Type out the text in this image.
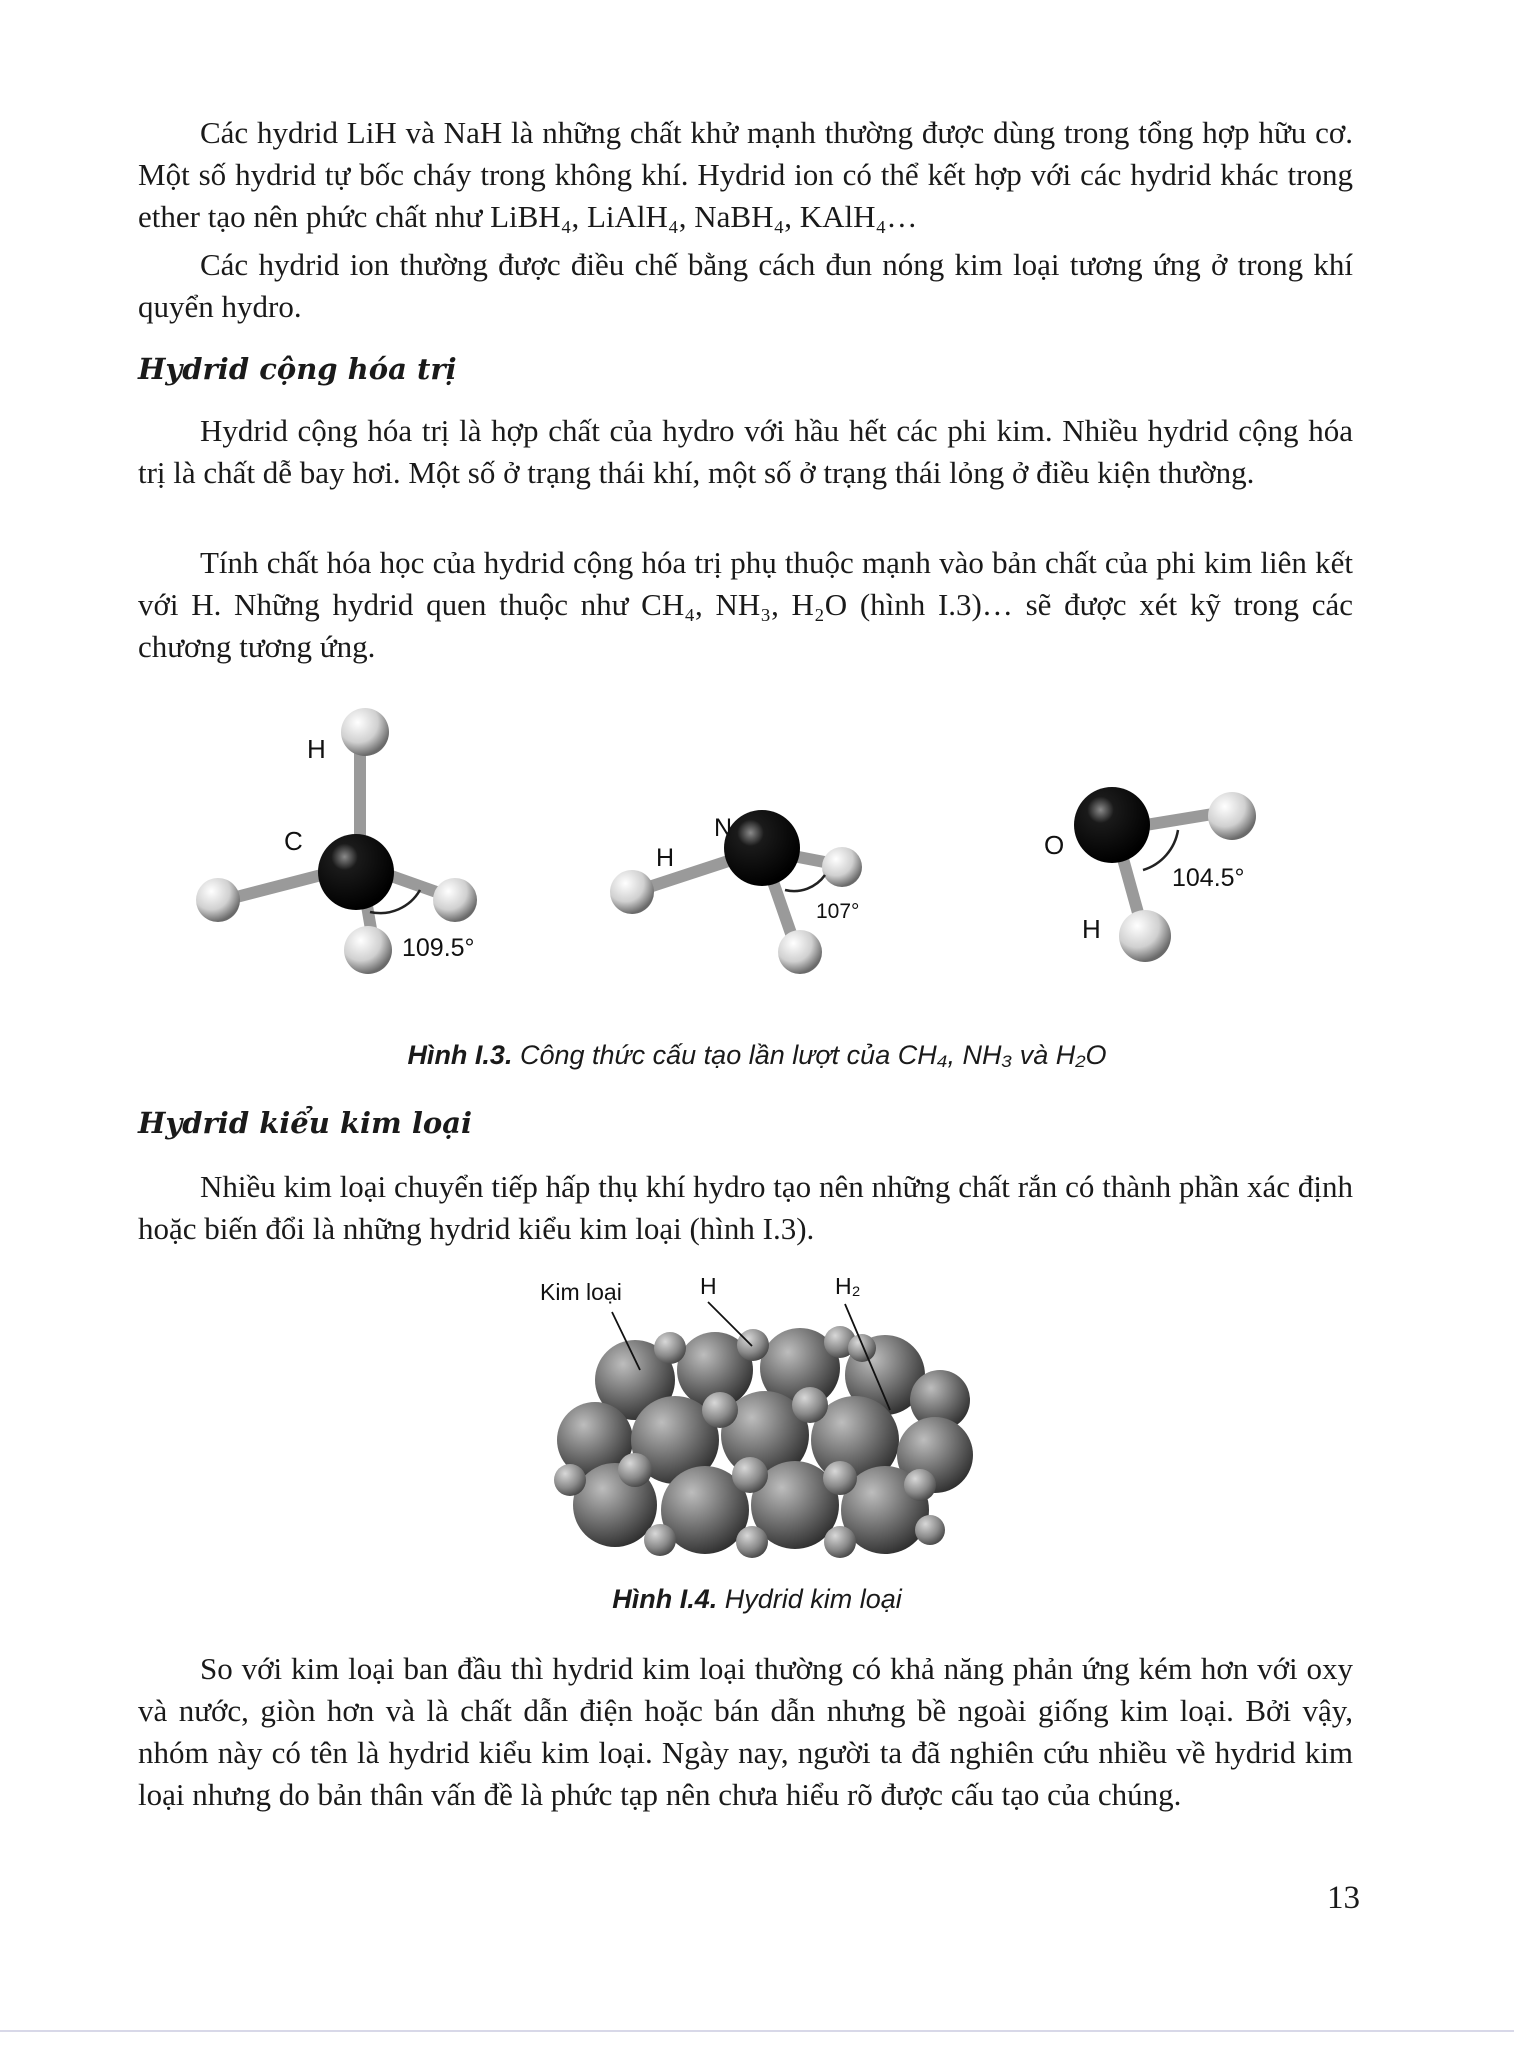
Các hydrid LiH và NaH là những chất khử mạnh thường được dùng trong tổng hợp hữu cơ. Một số hydrid tự bốc cháy trong không khí. Hydrid ion có thể kết hợp với các hydrid khác trong ether tạo nên phức chất như LiBH₄, LiAlH₄, NaBH₄, KAlH₄…

Các hydrid ion thường được điều chế bằng cách đun nóng kim loại tương ứng ở trong khí quyển hydro.

Hydrid cộng hóa trị

Hydrid cộng hóa trị là hợp chất của hydro với hầu hết các phi kim. Nhiều hydrid cộng hóa trị là chất dễ bay hơi. Một số ở trạng thái khí, một số ở trạng thái lỏng ở điều kiện thường.

Tính chất hóa học của hydrid cộng hóa trị phụ thuộc mạnh vào bản chất của phi kim liên kết với H. Những hydrid quen thuộc như CH₄, NH₃, H₂O (hình I.3)… sẽ được xét kỹ trong các chương tương ứng.

H
C
109.5°
H
N
107°
O
H
104.5°

Hình I.3. Công thức cấu tạo lần lượt của CH₄, NH₃ và H₂O

Hydrid kiểu kim loại

Nhiều kim loại chuyển tiếp hấp thụ khí hydro tạo nên những chất rắn có thành phần xác định hoặc biến đổi là những hydrid kiểu kim loại (hình I.3).

Kim loại	H	H₂

Hình I.4. Hydrid kim loại

So với kim loại ban đầu thì hydrid kim loại thường có khả năng phản ứng kém hơn với oxy và nước, giòn hơn và là chất dẫn điện hoặc bán dẫn nhưng bề ngoài giống kim loại. Bởi vậy, nhóm này có tên là hydrid kiểu kim loại. Ngày nay, người ta đã nghiên cứu nhiều về hydrid kim loại nhưng do bản thân vấn đề là phức tạp nên chưa hiểu rõ được cấu tạo của chúng.

13
